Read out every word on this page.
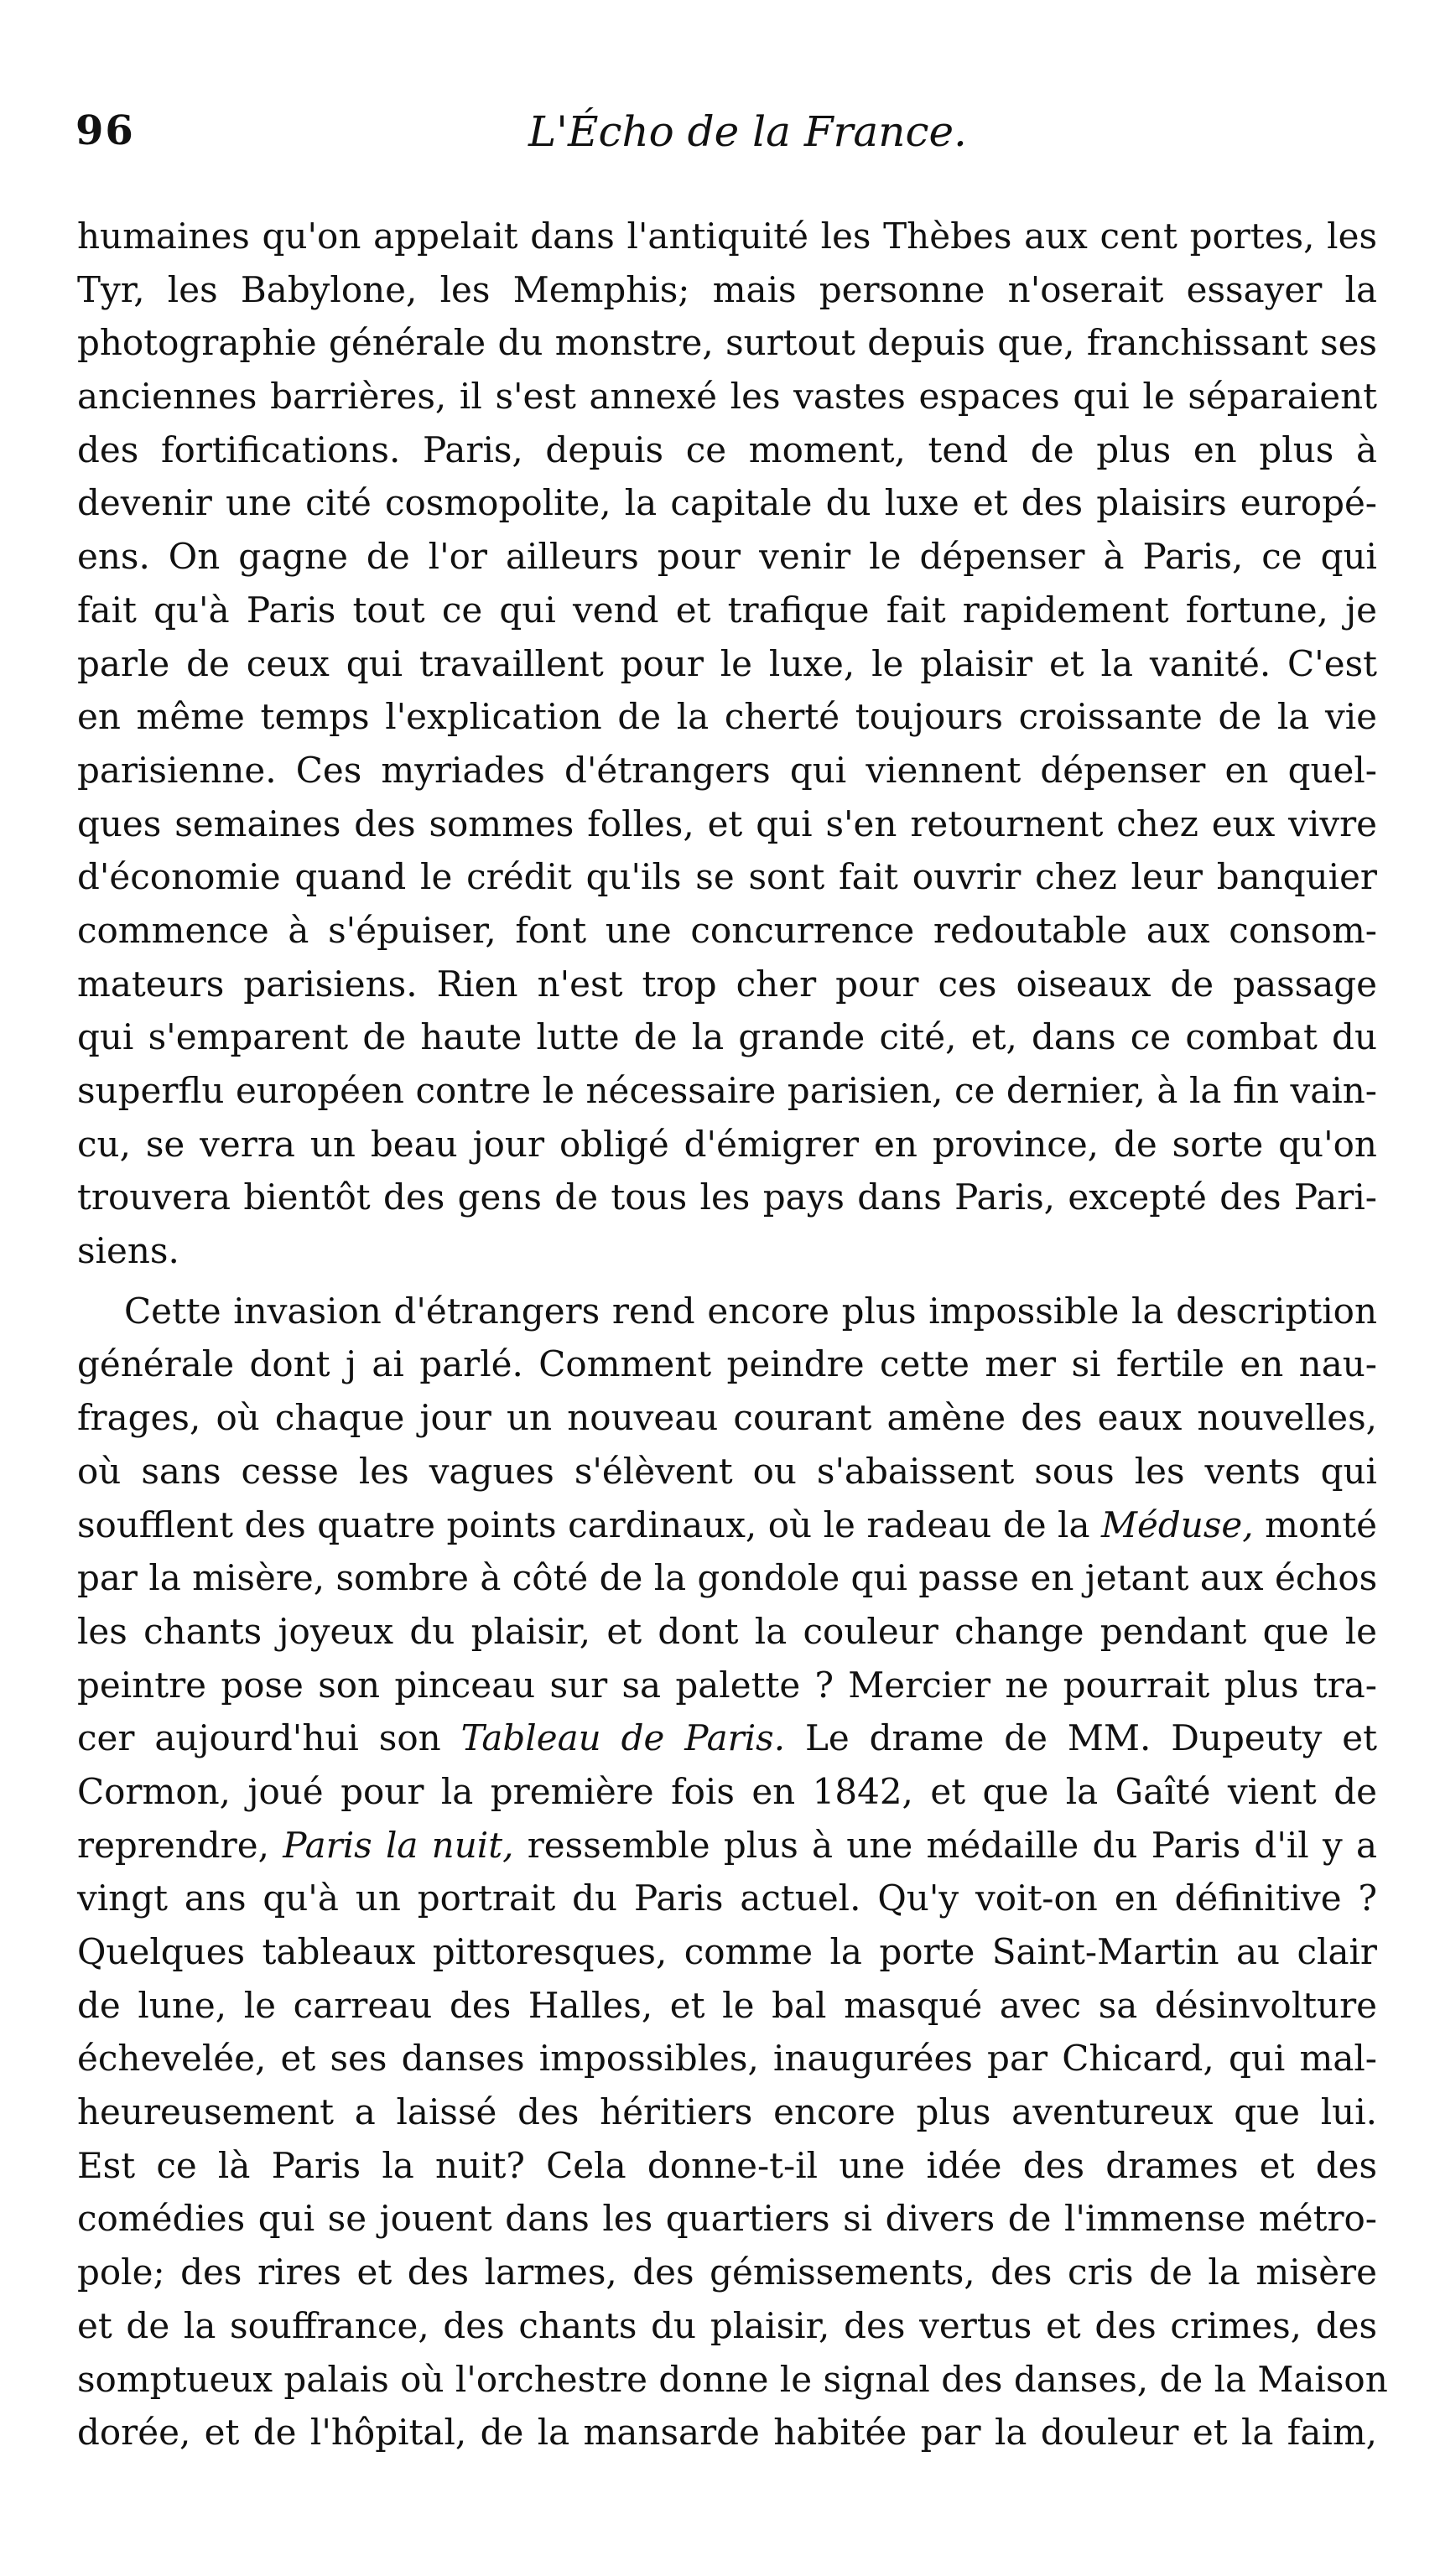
96	L'Écho de la France.
humaines qu'on appelait dans l'antiquité les Thèbes aux cent portes, les
Tyr, les Babylone, les Memphis; mais personne n'oserait essayer la
photographie générale du monstre, surtout depuis que, franchissant ses
anciennes barrières, il s'est annexé les vastes espaces qui le séparaient
des fortifications. Paris, depuis ce moment, tend de plus en plus à
devenir une cité cosmopolite, la capitale du luxe et des plaisirs europé-
ens. On gagne de l'or ailleurs pour venir le dépenser à Paris, ce qui
fait qu'à Paris tout ce qui vend et trafique fait rapidement fortune, je
parle de ceux qui travaillent pour le luxe, le plaisir et la vanité. C'est
en même temps l'explication de la cherté toujours croissante de la vie
parisienne. Ces myriades d'étrangers qui viennent dépenser en quel-
ques semaines des sommes folles, et qui s'en retournent chez eux vivre
d'économie quand le crédit qu'ils se sont fait ouvrir chez leur banquier
commence à s'épuiser, font une concurrence redoutable aux consom-
mateurs parisiens. Rien n'est trop cher pour ces oiseaux de passage
qui s'emparent de haute lutte de la grande cité, et, dans ce combat du
superflu européen contre le nécessaire parisien, ce dernier, à la fin vain-
cu, se verra un beau jour obligé d'émigrer en province, de sorte qu'on
trouvera bientôt des gens de tous les pays dans Paris, excepté des Pari-
siens.
Cette invasion d'étrangers rend encore plus impossible la description
générale dont j ai parlé. Comment peindre cette mer si fertile en nau-
frages, où chaque jour un nouveau courant amène des eaux nouvelles,
où sans cesse les vagues s'élèvent ou s'abaissent sous les vents qui
soufflent des quatre points cardinaux, où le radeau de la Méduse, monté
par la misère, sombre à côté de la gondole qui passe en jetant aux échos
les chants joyeux du plaisir, et dont la couleur change pendant que le
peintre pose son pinceau sur sa palette ? Mercier ne pourrait plus tra-
cer aujourd'hui son Tableau de Paris. Le drame de MM. Dupeuty et
Cormon, joué pour la première fois en 1842, et que la Gaîté vient de
reprendre, Paris la nuit, ressemble plus à une médaille du Paris d'il y a
vingt ans qu'à un portrait du Paris actuel. Qu'y voit-on en définitive ?
Quelques tableaux pittoresques, comme la porte Saint-Martin au clair
de lune, le carreau des Halles, et le bal masqué avec sa désinvolture
échevelée, et ses danses impossibles, inaugurées par Chicard, qui mal-
heureusement a laissé des héritiers encore plus aventureux que lui.
Est ce là Paris la nuit? Cela donne-t-il une idée des drames et des
comédies qui se jouent dans les quartiers si divers de l'immense métro-
pole; des rires et des larmes, des gémissements, des cris de la misère
et de la souffrance, des chants du plaisir, des vertus et des crimes, des
somptueux palais où l'orchestre donne le signal des danses, de la Maison
dorée, et de l'hôpital, de la mansarde habitée par la douleur et la faim,
